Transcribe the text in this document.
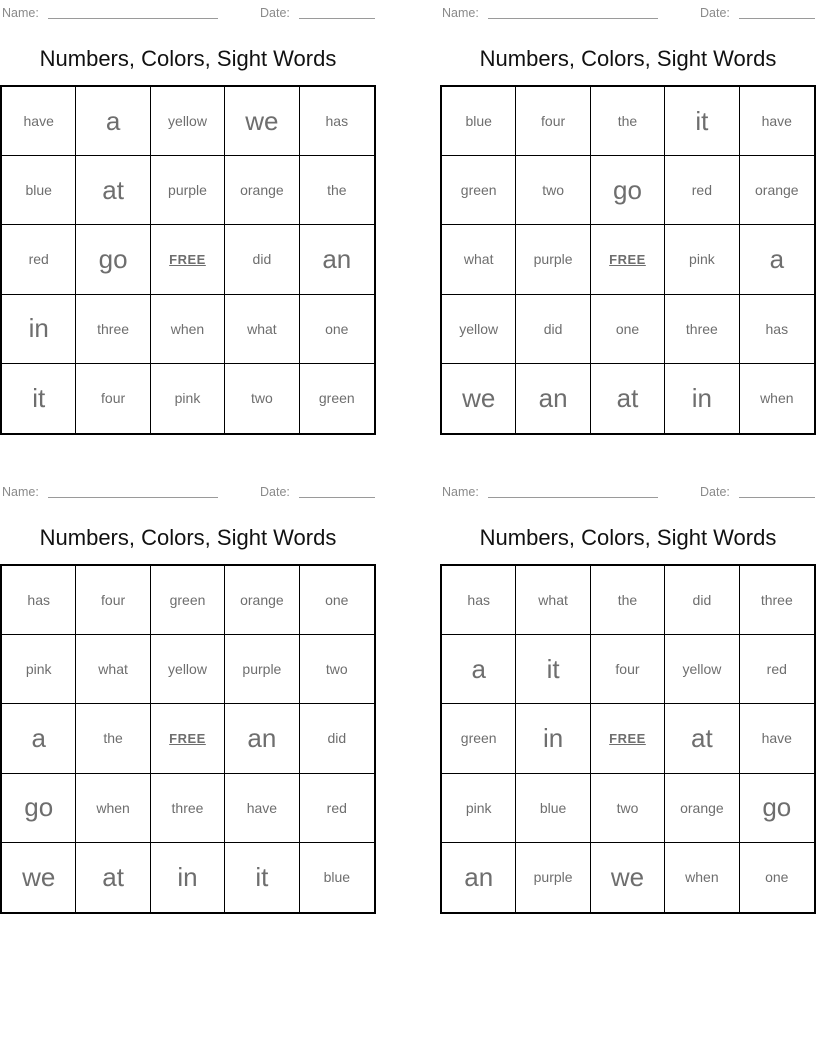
Name:	Date:
Numbers, Colors, Sight Words
have	a	yellow	we	has
blue	at	purple	orange	the
red	go	FREE	did	an
in	three	when	what	one
it	four	pink	two	green
Name:	Date:
Numbers, Colors, Sight Words
blue	four	the	it	have
green	two	go	red	orange
what	purple	FREE	pink	a
yellow	did	one	three	has
we	an	at	in	when
Name:	Date:
Numbers, Colors, Sight Words
has	four	green	orange	one
pink	what	yellow	purple	two
a	the	FREE	an	did
go	when	three	have	red
we	at	in	it	blue
Name:	Date:
Numbers, Colors, Sight Words
has	what	the	did	three
a	it	four	yellow	red
green	in	FREE	at	have
pink	blue	two	orange	go
an	purple	we	when	one
